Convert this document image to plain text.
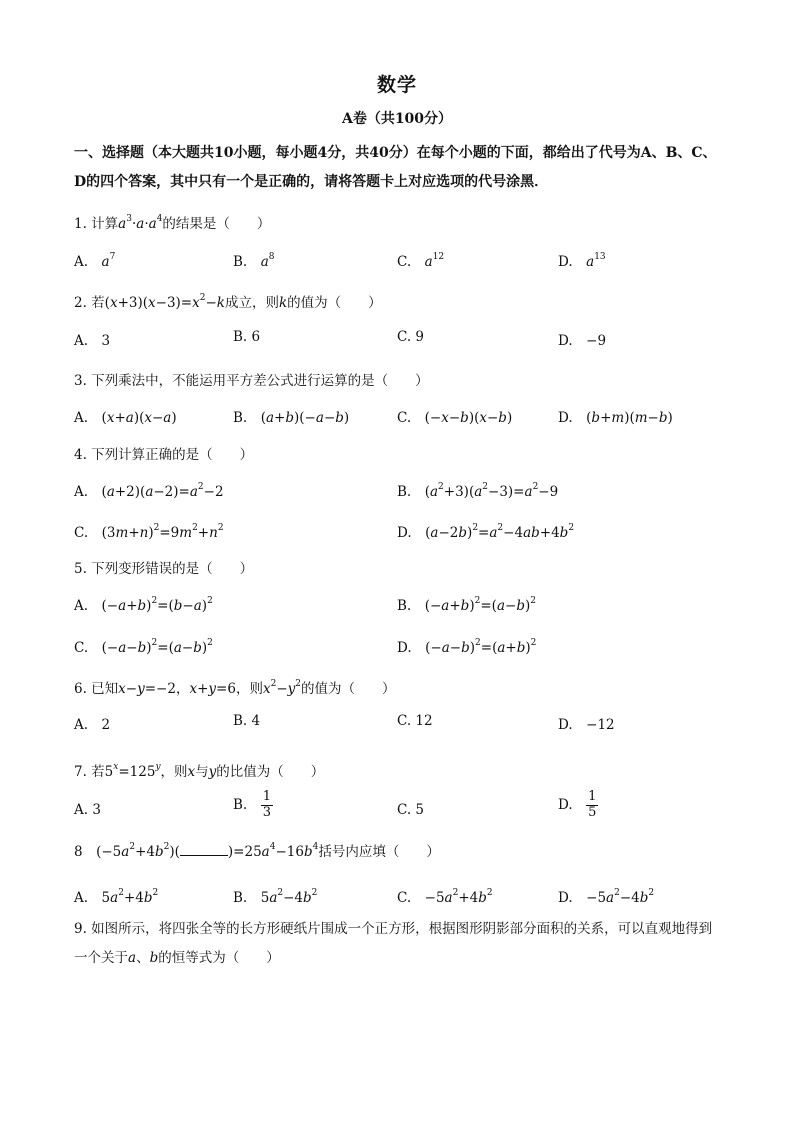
数学
A卷（共100分）
一、选择题（本大题共10小题，每小题4分，共40分）在每个小题的下面，都给出了代号为A、B、C、D的四个答案，其中只有一个是正确的，请将答题卡上对应选项的代号涂黑．
1. 计算$a^3\cdot a\cdot a^4$的结果是（　　）
A.　$a^7$	B.　$a^8$	C.　$a^{12}$	D.　$a^{13}$
2. 若$(x+3)(x-3)=x^2-k$成立，则k的值为（　　）
A.　3	B. 6	C. 9	D.　−9
3. 下列乘法中，不能运用平方差公式进行运算的是（　　）
A.　(x+a)(x−a)	B.　(a+b)(−a−b)	C.　(−x−b)(x−b)	D.　(b+m)(m−b)
4. 下列计算正确的是（　　）
A.　$(a+2)(a-2)=a^2-2$	B.　$(a^2+3)(a^2-3)=a^2-9$
C.　$(3m+n)^2=9m^2+n^2$	D.　$(a-2b)^2=a^2-4ab+4b^2$
5. 下列变形错误的是（　　）
A.　$(-a+b)^2=(b-a)^2$	B.　$(-a+b)^2=(a-b)^2$
C.　$(-a-b)^2=(a-b)^2$	D.　$(-a-b)^2=(a+b)^2$
6. 已知x−y=−2，x+y=6，则$x^2-y^2$的值为（　　）
A.　2	B. 4	C. 12	D.　−12
7. 若$5^x=125^y$，则x与y的比值为（　　）
A. 3	B.　 $\frac{1}{3}$	C. 5	D.　 $\frac{1}{5}$
8　$(-5a^2+4b^2)$(	)$=25a^4-16b^4$括号内应填（　　）
A.　$5a^2+4b^2$	B.　$5a^2-4b^2$	C.　$-5a^2+4b^2$	D.　$-5a^2-4b^2$
9. 如图所示，将四张全等的长方形硬纸片围成一个正方形，根据图形阴影部分面积的关系，可以直观地得到一个关于a、b的恒等式为（　　）
